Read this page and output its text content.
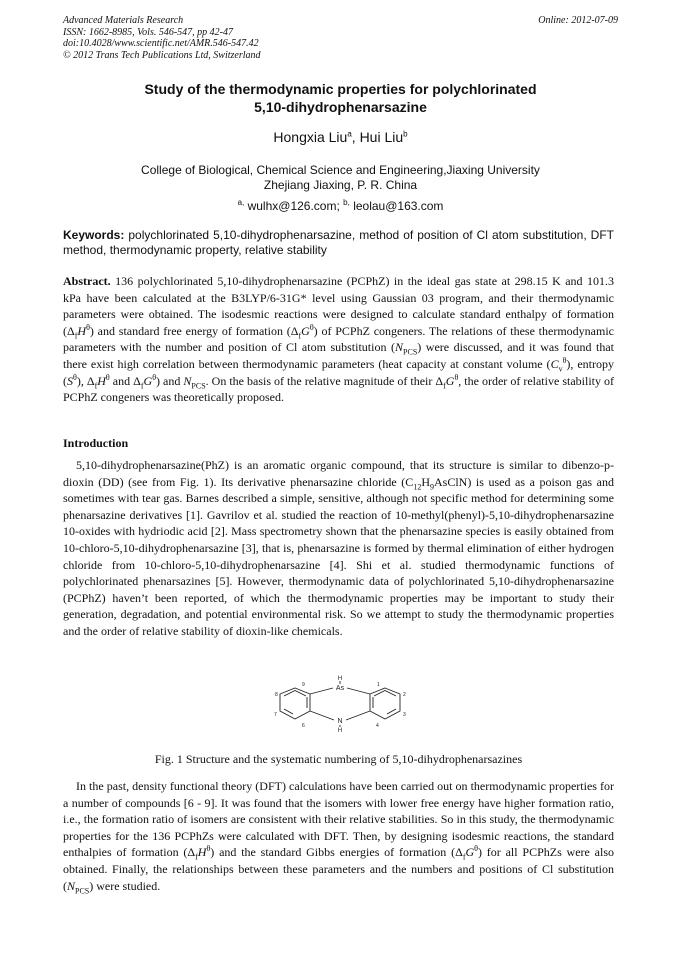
Advanced Materials Research
ISSN: 1662-8985, Vols. 546-547, pp 42-47
doi:10.4028/www.scientific.net/AMR.546-547.42
© 2012 Trans Tech Publications Ltd, Switzerland
Online: 2012-07-09
Study of the thermodynamic properties for polychlorinated
5,10-dihydrophenarsazine
Hongxia Liu$^a$, Hui Liu$^b$
College of Biological, Chemical Science and Engineering,Jiaxing University
Zhejiang Jiaxing, P. R. China
$^{a,}$ wulhx@126.com; $^{b,}$ leolau@163.com
Keywords: polychlorinated 5,10-dihydrophenarsazine, method of position of Cl atom substitution, DFT method, thermodynamic property, relative stability
Abstract. 136 polychlorinated 5,10-dihydrophenarsazine (PCPhZ) in the ideal gas state at 298.15 K and 101.3 kPa have been calculated at the B3LYP/6-31G* level using Gaussian 03 program, and their thermodynamic parameters were obtained. The isodesmic reactions were designed to calculate standard enthalpy of formation $(\Delta_fH^\theta)$ and standard free energy of formation $(\Delta_fG^\theta)$ of PCPhZ congeners. The relations of these thermodynamic parameters with the number and position of Cl atom substitution $(N_{PCS})$ were discussed, and it was found that there exist high correlation between thermodynamic parameters (heat capacity at constant volume $(C_v^\theta)$, entropy $(S^\theta)$, $\Delta_fH^\theta$ and $\Delta_fG^\theta$) and $N_{PCS}$. On the basis of the relative magnitude of their $\Delta_fG^\theta$, the order of relative stability of PCPhZ congeners was theoretically proposed.
Introduction
5,10-dihydrophenarsazine(PhZ) is an aromatic organic compound, that its structure is similar to dibenzo-p-dioxin (DD) (see from Fig. 1). Its derivative phenarsazine chloride $(C_{12}H_9AsClN)$ is used as a poison gas and sometimes with tear gas. Barnes described a simple, sensitive, although not specific method for determining some phenarsazine derivatives [1]. Gavrilov et al. studied the reaction of 10-methyl(phenyl)-5,10-dihydrophenarsazine 10-oxides with hydriodic acid [2]. Mass spectrometry shown that the phenarsazine species is easily obtained from 10-chloro-5,10-dihydrophenarsazine [3], that is, phenarsazine is formed by thermal elimination of either hydrogen chloride from 10-chloro-5,10-dihydrophenarsazine [4]. Shi et al. studied thermodynamic functions of polychlorinated phenarsazines [5]. However, thermodynamic data of polychlorinated 5,10-dihydrophenarsazine (PCPhZ) haven’t been reported, of which the thermodynamic properties may be important to study their generation, degradation, and potential environmental risk. So we attempt to study the thermodynamic properties and the order of relative stability of dioxin-like chemicals.
H
As
N
H
1
2
3
4
6
7
8
9
Fig. 1 Structure and the systematic numbering of 5,10-dihydrophenarsazines
In the past, density functional theory (DFT) calculations have been carried out on thermodynamic properties for a number of compounds [6 - 9]. It was found that the isomers with lower free energy have higher formation ratio, i.e., the formation ratio of isomers are consistent with their relative stabilities. So in this study, the thermodynamic properties for the 136 PCPhZs were calculated with DFT. Then, by designing isodesmic reactions, the standard enthalpies of formation $(\Delta_fH^\theta)$ and the standard Gibbs energies of formation $(\Delta_fG^\theta)$ for all PCPhZs were also obtained. Finally, the relationships between these parameters and the numbers and positions of Cl substitution $(N_{PCS})$ were studied.
